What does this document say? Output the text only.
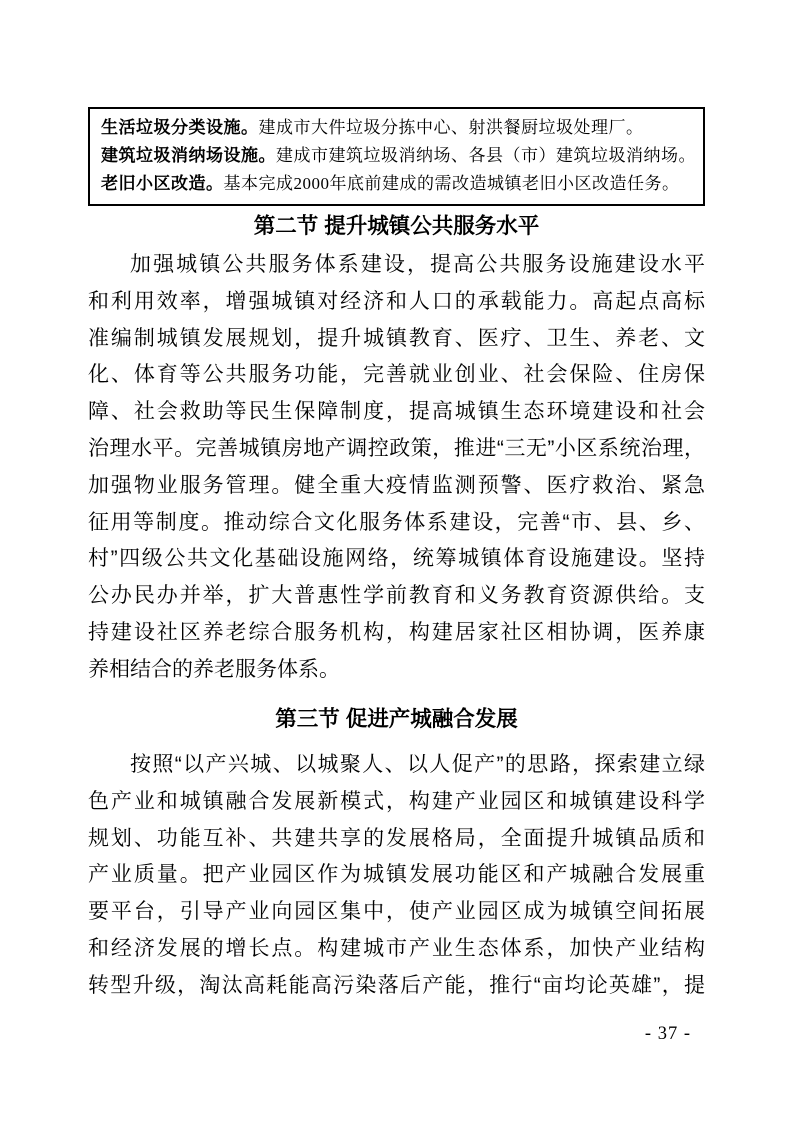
生活垃圾分类设施。建成市大件垃圾分拣中心、射洪餐厨垃圾处理厂。
建筑垃圾消纳场设施。建成市建筑垃圾消纳场、各县（市）建筑垃圾消纳场。
老旧小区改造。基本完成2000年底前建成的需改造城镇老旧小区改造任务。
第二节 提升城镇公共服务水平
加强城镇公共服务体系建设，提高公共服务设施建设水平
和利用效率，增强城镇对经济和人口的承载能力。高起点高标
准编制城镇发展规划，提升城镇教育、医疗、卫生、养老、文
化、体育等公共服务功能，完善就业创业、社会保险、住房保
障、社会救助等民生保障制度，提高城镇生态环境建设和社会
治理水平。完善城镇房地产调控政策，推进“三无”小区系统治理，
加强物业服务管理。健全重大疫情监测预警、医疗救治、紧急
征用等制度。推动综合文化服务体系建设，完善“市、县、乡、
村”四级公共文化基础设施网络，统筹城镇体育设施建设。坚持
公办民办并举，扩大普惠性学前教育和义务教育资源供给。支
持建设社区养老综合服务机构，构建居家社区相协调，医养康
养相结合的养老服务体系。
第三节 促进产城融合发展
按照“以产兴城、以城聚人、以人促产”的思路，探索建立绿
色产业和城镇融合发展新模式，构建产业园区和城镇建设科学
规划、功能互补、共建共享的发展格局，全面提升城镇品质和
产业质量。把产业园区作为城镇发展功能区和产城融合发展重
要平台，引导产业向园区集中，使产业园区成为城镇空间拓展
和经济发展的增长点。构建城市产业生态体系，加快产业结构
转型升级，淘汰高耗能高污染落后产能，推行“亩均论英雄”，提
- 37 -
